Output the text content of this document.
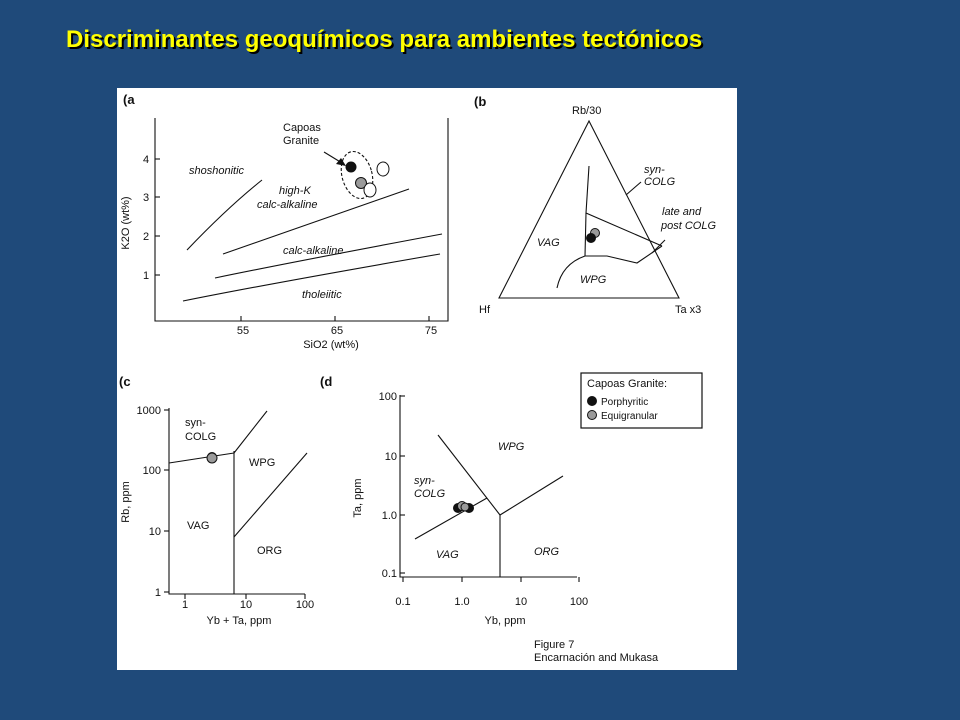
Discriminantes geoquímicos para ambientes tectónicos
(a
55	65	75
SiO2 (wt%)
1
2
3
4
K2O (wt%)
shoshonitic
high-K
calc-alkaline
calc-alkaline
tholeiitic
Capoas
Granite
(b
Rb/30
Hf	Ta x3
syn-
COLG
late and
post COLG
VAG
WPG
(c
1000
100
10
1
Rb, ppm
1	10	100
Yb + Ta, ppm
syn-
COLG
WPG
VAG
ORG
(d
100
10
1.0
0.1
Ta, ppm
0.1	1.0	10	100
Yb, ppm
WPG
syn-
COLG
VAG	ORG
Capoas Granite:
Porphyritic
Equigranular
Figure 7
Encarnación and Mukasa
